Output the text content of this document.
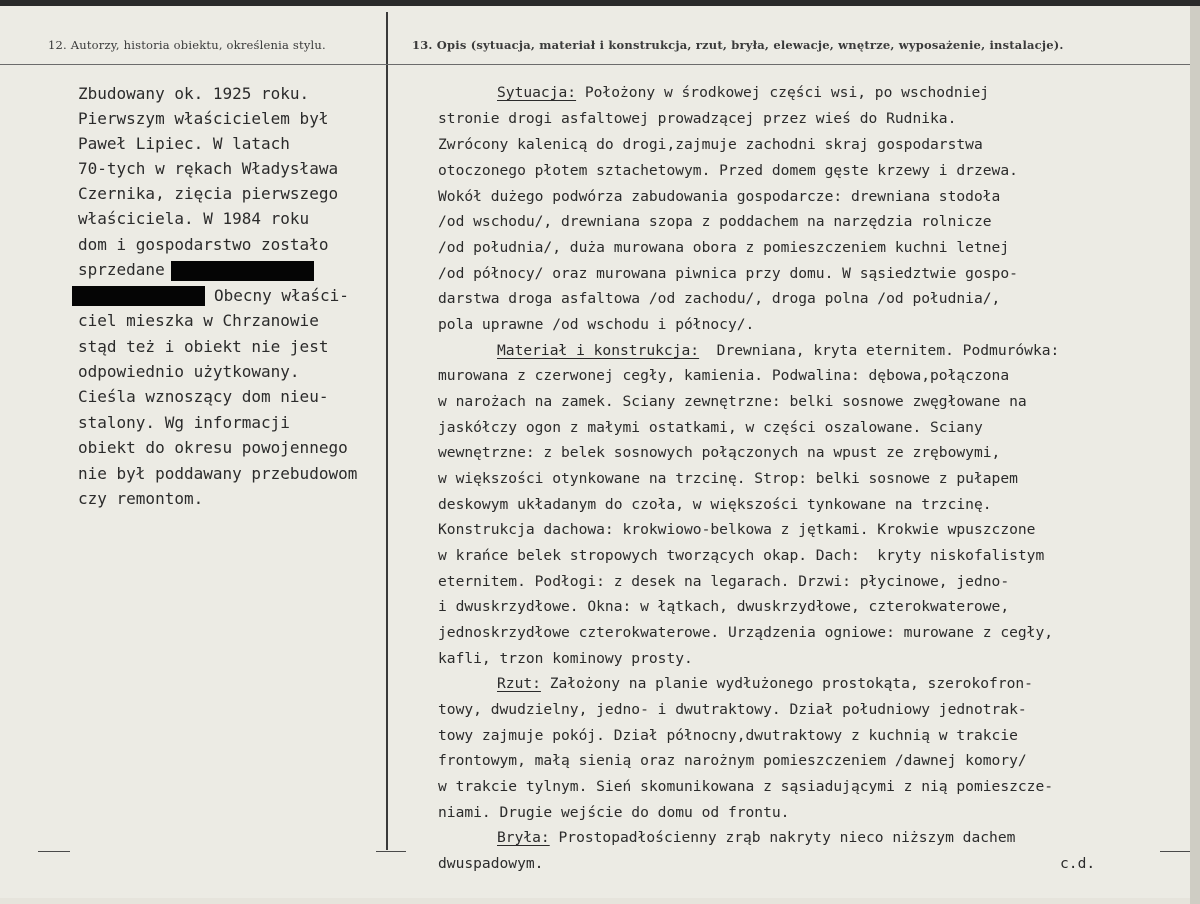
12. Autorzy, historia obiektu, określenia stylu.	13. Opis (sytuacja, materiał i konstrukcja, rzut, bryła, elewacje, wnętrze, wyposażenie, instalacje).
Zbudowany ok. 1925 roku.
Pierwszym właścicielem był
Paweł Lipiec. W latach
70-tych w rękach Władysława
Czernika, zięcia pierwszego
właściciela. W 1984 roku
dom i gospodarstwo zostało
sprzedane
Obecny właści-
ciel mieszka w Chrzanowie
stąd też i obiekt nie jest
odpowiednio użytkowany.
Cieśla wznoszący dom nieu-
stalony. Wg informacji
obiekt do okresu powojennego
nie był poddawany przebudowom
czy remontom.
Sytuacja: Położony w środkowej części wsi, po wschodniej
stronie drogi asfaltowej prowadzącej przez wieś do Rudnika.
Zwrócony kalenicą do drogi,zajmuje zachodni skraj gospodarstwa
otoczonego płotem sztachetowym. Przed domem gęste krzewy i drzewa.
Wokół dużego podwórza zabudowania gospodarcze: drewniana stodoła
/od wschodu/, drewniana szopa z poddachem na narzędzia rolnicze
/od południa/, duża murowana obora z pomieszczeniem kuchni letnej
/od północy/ oraz murowana piwnica przy domu. W sąsiedztwie gospo-
darstwa droga asfaltowa /od zachodu/, droga polna /od południa/,
pola uprawne /od wschodu i północy/.
Materiał i konstrukcja:  Drewniana, kryta eternitem. Podmurówka:
murowana z czerwonej cegły, kamienia. Podwalina: dębowa,połączona
w narożach na zamek. Sciany zewnętrzne: belki sosnowe zwęgłowane na
jaskółczy ogon z małymi ostatkami, w części oszalowane. Sciany
wewnętrzne: z belek sosnowych połączonych na wpust ze zrębowymi,
w większości otynkowane na trzcinę. Strop: belki sosnowe z pułapem
deskowym układanym do czoła, w większości tynkowane na trzcinę.
Konstrukcja dachowa: krokwiowo-belkowa z jętkami. Krokwie wpuszczone
w krańce belek stropowych tworzących okap. Dach:  kryty niskofalistym
eternitem. Podłogi: z desek na legarach. Drzwi: płycinowe, jedno-
i dwuskrzydłowe. Okna: w łątkach, dwuskrzydłowe, czterokwaterowe,
jednoskrzydłowe czterokwaterowe. Urządzenia ogniowe: murowane z cegły,
kafli, trzon kominowy prosty.
Rzut: Założony na planie wydłużonego prostokąta, szerokofron-
towy, dwudzielny, jedno- i dwutraktowy. Dział południowy jednotrak-
towy zajmuje pokój. Dział północny,dwutraktowy z kuchnią w trakcie
frontowym, małą sienią oraz narożnym pomieszczeniem /dawnej komory/
w trakcie tylnym. Sień skomunikowana z sąsiadującymi z nią pomieszcze-
niami. Drugie wejście do domu od frontu.
Bryła: Prostopadłościenny zrąb nakryty nieco niższym dachem
dwuspadowym.	c.d.
